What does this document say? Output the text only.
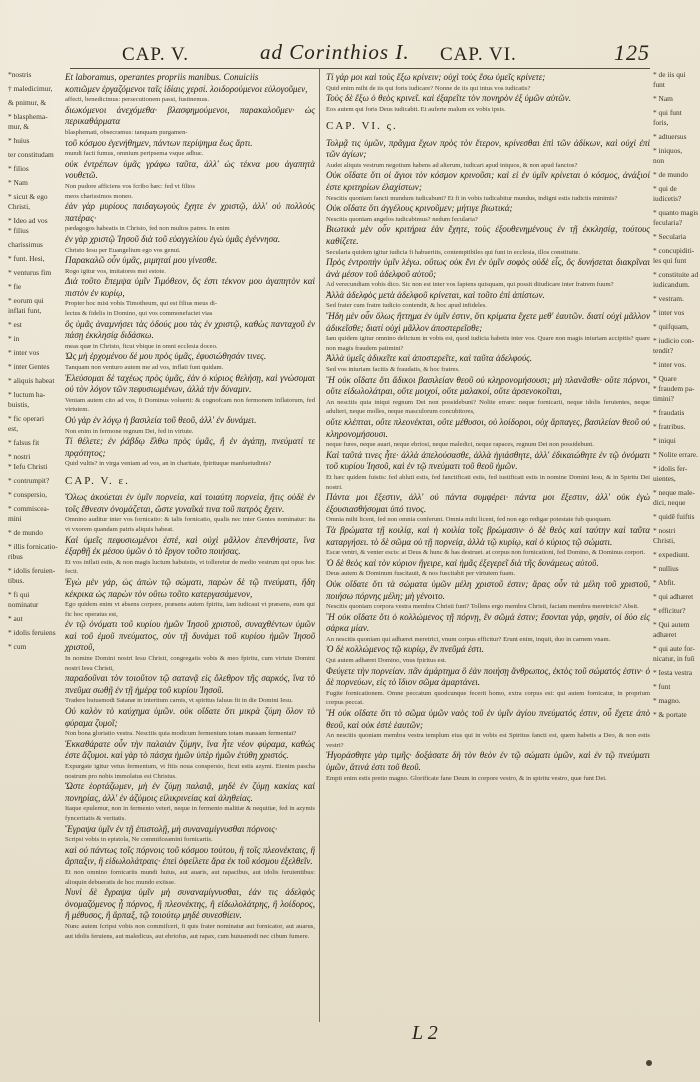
CAP. V.	ad Corinthios I. CAP. VI.	125
*nostris
† maledicimur,
& pnimur, &
* blasphema-
mur, &
* huius
ter constitudam
* filios
* Nam
* sicut & ego
Christi,
* Ideo ad vos
* filius
charissimus
* funt. Hesi,
* venturus fim
* fie
* eorum qui
inflati funt,
* est
* in
* inter vos
* inter Gentes
* aliquis habeat
* luctum ha-
buistis,
* fic operari
est,
* falsus fit
* nostri
* Iefu Christi
* contrumpit?
* conspersio,
* commiscea-
mini
* de mundo
* illis fornicatio-
ribus
* idolis feruien-
tibus.
* fi qui
nominatur
* aut
* idolis feruiens
* cum
* de iis qui
funt
* Nam
* qui funt
foris,
* adtuersus
* iniquos,
non
* de mundo
* qui de
iudicetis?
* quanto magis
fecularia?
* Secularia
* concupiditi-
les qui funt
* constituite ad
iudicandum.
* vestram.
* inter vos
* quifquam,
* iudicio con-
tendit?
* inter vos.
* Quare
* fraudem pa-
timini?
* fraudatis
* fratribus.
* iniqui
* Nolite errare.
* idolis fer-
uientes,
* neque male-
dici, neque
* quidē fuiftis
* nostri
Christi,
* expediunt.
* nullius
* Abfit.
* qui adhæret
* efficitur?
* Qui autem
adhæret
* qui aute for-
nicatur, in fuū
* Iesta vestra
* funt
* magno.
* & portate

Et laboramus, operantes propriis manibus. Conuiciis

κοπιῶμεν ἐργαζόμενοι ταῖς ἰδίαις χερσί. λοιδορούμενοι εὐλογοῦμεν,

affecti, benedicimus: persecutionem passi, fustinemus.

διωκόμενοι ἀνεχόμεθα· βλασφημούμενοι, παρακαλοῦμεν· ὡς περικαθάρματα

blasphemati, obsecramus: tanquam purgamen-

τοῦ κόσμου ἐγενήθημεν, πάντων περίψημα ἕως ἄρτι.

mundi facti fumus, omnium peripsema vsque adhuc.

οὐκ ἐντρέπων ὑμᾶς γράφω ταῦτα, ἀλλ' ὡς τέκνα μου ἀγαπητὰ νουθετῶ.

Non pudore afficiens vos fcribo hæc: fed vt filios

meos charissimos moneo.

ἐὰν γὰρ μυρίους παιδαγωγοὺς ἔχητε ἐν χριστῷ, ἀλλ' οὐ πολλοὺς πατέρας·

pædagogos habeatis in Christo, fed non multos patres. In enim

ἐν γὰρ χριστῷ Ἰησοῦ διὰ τοῦ εὐαγγελίου ἐγὼ ὑμᾶς ἐγέννησα.

Christo Iesu per Euangelium ego vos genui.

Παρακαλῶ οὖν ὑμᾶς, μιμηταί μου γίνεσθε.

Rogo igitur vos, imitatores mei estote.

Διὰ τοῦτο ἔπεμψα ὑμῖν Τιμόθεον, ὅς ἐστι τέκνον μου ἀγαπητὸν καὶ πιστὸν ἐν κυρίῳ,

Propter hoc misi vobis Timotheum, qui est filius meus di-

lectus & fidelis in Domino, qui vos commonefaciet vias

ὃς ὑμᾶς ἀναμνήσει τὰς ὁδούς μου τὰς ἐν χριστῷ, καθὼς πανταχοῦ ἐν πάσῃ ἐκκλησίᾳ διδάσκω.

meas quæ in Christo, ficut vbique in omni ecclesia doceo.

Ὡς μὴ ἐρχομένου δέ μου πρὸς ὑμᾶς, ἐφυσιώθησάν τινες.

Tanquam non venturo autem me ad vos, inflati funt quidam.

Ἐλεύσομαι δὲ ταχέως πρὸς ὑμᾶς, ἐὰν ὁ κύριος θελήσῃ, καὶ γνώσομαι οὐ τὸν λόγον τῶν πεφυσιωμένων, ἀλλὰ τὴν δύναμιν.

Veniam autem cito ad vos, fi Dominus voluerit: & cognofcam non fermonem inflatorum, fed virtutem.

Οὐ γὰρ ἐν λόγῳ ἡ βασιλεία τοῦ θεοῦ, ἀλλ' ἐν δυνάμει.

Non enim in fermone regnum Dei, fed in virtute.

Τί θέλετε; ἐν ῥάβδῳ ἔλθω πρὸς ὑμᾶς, ἢ ἐν ἀγάπῃ, πνεύματί τε πρᾳότητος;

Quid vultis? in virga veniam ad vos, an in charitate, fpirituque manfuetudinis?

CAP. V. ε.

Ὅλως ἀκούεται ἐν ὑμῖν πορνεία, καὶ τοιαύτη πορνεία, ἥτις οὐδὲ ἐν τοῖς ἔθνεσιν ὀνομάζεται, ὥστε γυναῖκά τινα τοῦ πατρὸς ἔχειν.

Omnino auditur inter vos fornicatio: & talis fornicatio, qualis nec inter Gentes nominatur: ita vt vxorem quandam patris aliquis habeat.

Καὶ ὑμεῖς πεφυσιωμένοι ἐστέ, καὶ οὐχὶ μᾶλλον ἐπενθήσατε, ἵνα ἐξαρθῇ ἐκ μέσου ὑμῶν ὁ τὸ ἔργον τοῦτο ποιήσας.

Et vos inflati estis, & non magis luctum habuistis, vt tolleretur de medio vestrum qui opus hoc fecit.

Ἐγὼ μὲν γάρ, ὡς ἀπὼν τῷ σώματι, παρὼν δὲ τῷ πνεύματι, ἤδη κέκρικα ὡς παρὼν τὸν οὕτω τοῦτο κατεργασάμενον,

Ego quidem enim vt absens corpore, præsens autem fpiritu, iam iudicaui vt præsens, eum qui fic hoc operatus est,

ἐν τῷ ὀνόματι τοῦ κυρίου ἡμῶν Ἰησοῦ χριστοῦ, συναχθέντων ὑμῶν καὶ τοῦ ἐμοῦ πνεύματος, σὺν τῇ δυνάμει τοῦ κυρίου ἡμῶν Ἰησοῦ χριστοῦ,

In nomine Domini nostri Iesu Christi, congregatis vobis & meo fpiritu, cum virtute Domini nostri Iesu Christi,

παραδοῦναι τὸν τοιοῦτον τῷ σατανᾷ εἰς ὄλεθρον τῆς σαρκός, ἵνα τὸ πνεῦμα σωθῇ ἐν τῇ ἡμέρᾳ τοῦ κυρίου Ἰησοῦ.

Tradere huiusmodi Satanæ in interitum carnis, vt spiritus faluus fit in die Domini Iesu.

Οὐ καλὸν τὸ καύχημα ὑμῶν. οὐκ οἴδατε ὅτι μικρὰ ζύμη ὅλον τὸ φύραμα ζυμοῖ;

Non bona gloriatio vestra. Nescitis quia modicum fermentum totam massam fermentat?

Ἐκκαθάρατε οὖν τὴν παλαιὰν ζύμην, ἵνα ἦτε νέον φύραμα, καθώς ἐστε ἄζυμοι. καὶ γὰρ τὸ πάσχα ἡμῶν ὑπὲρ ἡμῶν ἐτύθη χριστός.

Expurgate igitur vetus fermentum, vt fitis noua conspersio, ficut estis azymi. Etenim pascha nostrum pro nobis immolatus est Christus.

Ὥστε ἑορτάζωμεν, μὴ ἐν ζύμῃ παλαιᾷ, μηδὲ ἐν ζύμῃ κακίας καὶ πονηρίας, ἀλλ' ἐν ἀζύμοις εἰλικρινείας καὶ ἀληθείας.

Itaque epulemur, non in fermento veteri, neque in fermento malitiæ & nequitiæ, fed in azymis fynceritatis & veritatis.

Ἔγραψα ὑμῖν ἐν τῇ ἐπιστολῇ, μὴ συναναμίγνυσθαι πόρνοις·

Scripsi vobis in epistola, Ne commifceamini fornicariis.

καὶ οὐ πάντως τοῖς πόρνοις τοῦ κόσμου τούτου, ἢ τοῖς πλεονέκταις, ἢ ἅρπαξιν, ἢ εἰδωλολάτραις· ἐπεὶ ὀφείλετε ἄρα ἐκ τοῦ κόσμου ἐξελθεῖν.

Et non omnino fornicariis mundi huius, aut auaris, aut rapacibus, aut idolis feruientibus: alioquin debueratis de hoc mundo exiisse.

Νυνὶ δὲ ἔγραψα ὑμῖν μὴ συναναμίγνυσθαι, ἐάν τις ἀδελφὸς ὀνομαζόμενος ᾖ πόρνος, ἢ πλεονέκτης, ἢ εἰδωλολάτρης, ἢ λοίδορος, ἢ μέθυσος, ἢ ἅρπαξ, τῷ τοιούτῳ μηδὲ συνεσθίειν.

Nunc autem fcripsi vobis non commifceri, fi quis frater nominatur aut fornicator, aut auarus, aut idolis feruiens, aut maledicus, aut ebriofus, aut rapax, cum huiusmodi nec cibum fumere.

Τί γάρ μοι καὶ τοὺς ἔξω κρίνειν; οὐχὶ τοὺς ἔσω ὑμεῖς κρίνετε;

Quid enim mihi de iis qui foris iudicare? Nonne de iis qui intus vos iudicatis?

Τοὺς δὲ ἔξω ὁ θεὸς κρινεῖ. καὶ ἐξαρεῖτε τὸν πονηρὸν ἐξ ὑμῶν αὐτῶν.

Eos autem qui foris Deus iudicabit. Et auferte malum ex vobis ipsis.

CAP. VI. ς.

Τολμᾷ τις ὑμῶν, πρᾶγμα ἔχων πρὸς τὸν ἕτερον, κρίνεσθαι ἐπὶ τῶν ἀδίκων, καὶ οὐχὶ ἐπὶ τῶν ἁγίων;

Audet aliquis vestrum negotium habens ad alterum, iudicari apud iniquos, & non apud fanctos?

Οὐκ οἴδατε ὅτι οἱ ἅγιοι τὸν κόσμον κρινοῦσι; καὶ εἰ ἐν ὑμῖν κρίνεται ὁ κόσμος, ἀνάξιοί ἐστε κριτηρίων ἐλαχίστων;

Nescitis quoniam fancti mundum iudicabunt? Et fi in vobis iudicabitur mundus, indigni estis iudiciis minimis?

Οὐκ οἴδατε ὅτι ἀγγέλους κρινοῦμεν; μήτιγε βιωτικά;

Nescitis quoniam angelos iudicabimus? nedum fecularia?

Βιωτικὰ μὲν οὖν κριτήρια ἐὰν ἔχητε, τοὺς ἐξουθενημένους ἐν τῇ ἐκκλησίᾳ, τούτους καθίζετε.

Secularia quidem igitur iudicia fi habueritis, contemptibiles qui funt in ecclesia, illos constituite.

Πρὸς ἐντροπὴν ὑμῖν λέγω. οὕτως οὐκ ἔνι ἐν ὑμῖν σοφὸς οὐδὲ εἷς, ὃς δυνήσεται διακρῖναι ἀνὰ μέσον τοῦ ἀδελφοῦ αὐτοῦ;

Ad verecundiam vobis dico. Sic non est inter vos fapiens quisquam, qui possit diiudicare inter fratrem fuum?

Ἀλλὰ ἀδελφὸς μετὰ ἀδελφοῦ κρίνεται, καὶ τοῦτο ἐπὶ ἀπίστων.

Sed frater cum fratre iudicio contendit, & hoc apud infideles.

Ἤδη μὲν οὖν ὅλως ἥττημα ἐν ὑμῖν ἐστιν, ὅτι κρίματα ἔχετε μεθ' ἑαυτῶν. διατί οὐχὶ μᾶλλον ἀδικεῖσθε; διατί οὐχὶ μᾶλλον ἀποστερεῖσθε;

Iam quidem igitur omnino delictum in vobis est, quod iudicia habetis inter vos. Quare non magis iniuriam accipitis? quare non magis fraudem patimini?

Ἀλλὰ ὑμεῖς ἀδικεῖτε καὶ ἀποστερεῖτε, καὶ ταῦτα ἀδελφούς.

Sed vos iniuriam facitis & fraudatis, & hoc fratres.

Ἢ οὐκ οἴδατε ὅτι ἄδικοι βασιλείαν θεοῦ οὐ κληρονομήσουσι; μὴ πλανᾶσθε· οὔτε πόρνοι, οὔτε εἰδωλολάτραι, οὔτε μοιχοί, οὔτε μαλακοί, οὔτε ἀρσενοκοῖται,

An nescitis quia iniqui regnum Dei non possidebunt? Nolite errare: neque fornicarii, neque idolis feruientes, neque adulteri, neque molles, neque masculorum concubitores,

οὔτε κλέπται, οὔτε πλεονέκται, οὔτε μέθυσοι, οὐ λοίδοροι, οὐχ ἅρπαγες, βασιλείαν θεοῦ οὐ κληρονομήσουσι.

neque fures, neque auari, neque ebriosi, neque maledici, neque rapaces, regnum Dei non possidebunt.

Καὶ ταῦτά τινες ἦτε· ἀλλὰ ἀπελούσασθε, ἀλλὰ ἡγιάσθητε, ἀλλ' ἐδικαιώθητε ἐν τῷ ὀνόματι τοῦ κυρίου Ἰησοῦ, καὶ ἐν τῷ πνεύματι τοῦ θεοῦ ἡμῶν.

Et hæc quidem fuistis: fed abluti estis, fed fanctificati estis, fed iustificati estis in nomine Domini Iesu, & in Spiritu Dei nostri.

Πάντα μοι ἔξεστιν, ἀλλ' οὐ πάντα συμφέρει· πάντα μοι ἔξεστιν, ἀλλ' οὐκ ἐγὼ ἐξουσιασθήσομαι ὑπό τινος.

Omnia mihi licent, fed non omnia conferunt. Omnia mihi licent, fed non ego redigar potestate fub quoquam.

Τὰ βρώματα τῇ κοιλίᾳ, καὶ ἡ κοιλία τοῖς βρώμασιν· ὁ δὲ θεὸς καὶ ταύτην καὶ ταῦτα καταργήσει. τὸ δὲ σῶμα οὐ τῇ πορνείᾳ, ἀλλὰ τῷ κυρίῳ, καὶ ὁ κύριος τῷ σώματι.

Escæ ventri, & venter escis: at Deus & hunc & has destruet. at corpus non fornicationi, fed Domino, & Dominus corpori.

Ὁ δὲ θεὸς καὶ τὸν κύριον ἤγειρε, καὶ ἡμᾶς ἐξεγερεῖ διὰ τῆς δυνάμεως αὐτοῦ.

Deus autem & Dominum fuscitauit, & nos fuscitabit per virtutem fuam.

Οὐκ οἴδατε ὅτι τὰ σώματα ὑμῶν μέλη χριστοῦ ἐστιν; ἄρας οὖν τὰ μέλη τοῦ χριστοῦ, ποιήσω πόρνης μέλη; μὴ γένοιτο.

Nescitis quoniam corpora vestra membra Christi funt? Tollens ergo membra Christi, faciam membra meretricis? Absit.

Ἢ οὐκ οἴδατε ὅτι ὁ κολλώμενος τῇ πόρνῃ, ἓν σῶμά ἐστιν; ἔσονται γάρ, φησίν, οἱ δύο εἰς σάρκα μίαν.

An nescitis quoniam qui adhæret meretrici, vnum corpus efficitur? Erunt enim, inquit, duo in carnem vnam.

Ὁ δὲ κολλώμενος τῷ κυρίῳ, ἓν πνεῦμά ἐστι.

Qui autem adhæret Domino, vnus fpiritus est.

Φεύγετε τὴν πορνείαν. πᾶν ἁμάρτημα ὃ ἐὰν ποιήσῃ ἄνθρωπος, ἐκτὸς τοῦ σώματός ἐστιν· ὁ δὲ πορνεύων, εἰς τὸ ἴδιον σῶμα ἁμαρτάνει.

Fugite fornicationem. Omne peccatum quodcunque fecerit homo, extra corpus est: qui autem fornicatur, in proprium corpus peccat.

Ἢ οὐκ οἴδατε ὅτι τὸ σῶμα ὑμῶν ναὸς τοῦ ἐν ὑμῖν ἁγίου πνεύματός ἐστιν, οὗ ἔχετε ἀπὸ θεοῦ, καὶ οὐκ ἐστὲ ἑαυτῶν;

An nescitis quoniam membra vestra templum eius qui in vobis est Spiritus fancti est, quem habetis a Deo, & non estis vestri?

Ἠγοράσθητε γὰρ τιμῆς· δοξάσατε δὴ τὸν θεὸν ἐν τῷ σώματι ὑμῶν, καὶ ἐν τῷ πνεύματι ὑμῶν, ἅτινά ἐστι τοῦ θεοῦ.

Empti enim estis pretio magno. Glorificate fane Deum in corpore vestro, & in spiritu vestro, quæ funt Dei.

L 2
